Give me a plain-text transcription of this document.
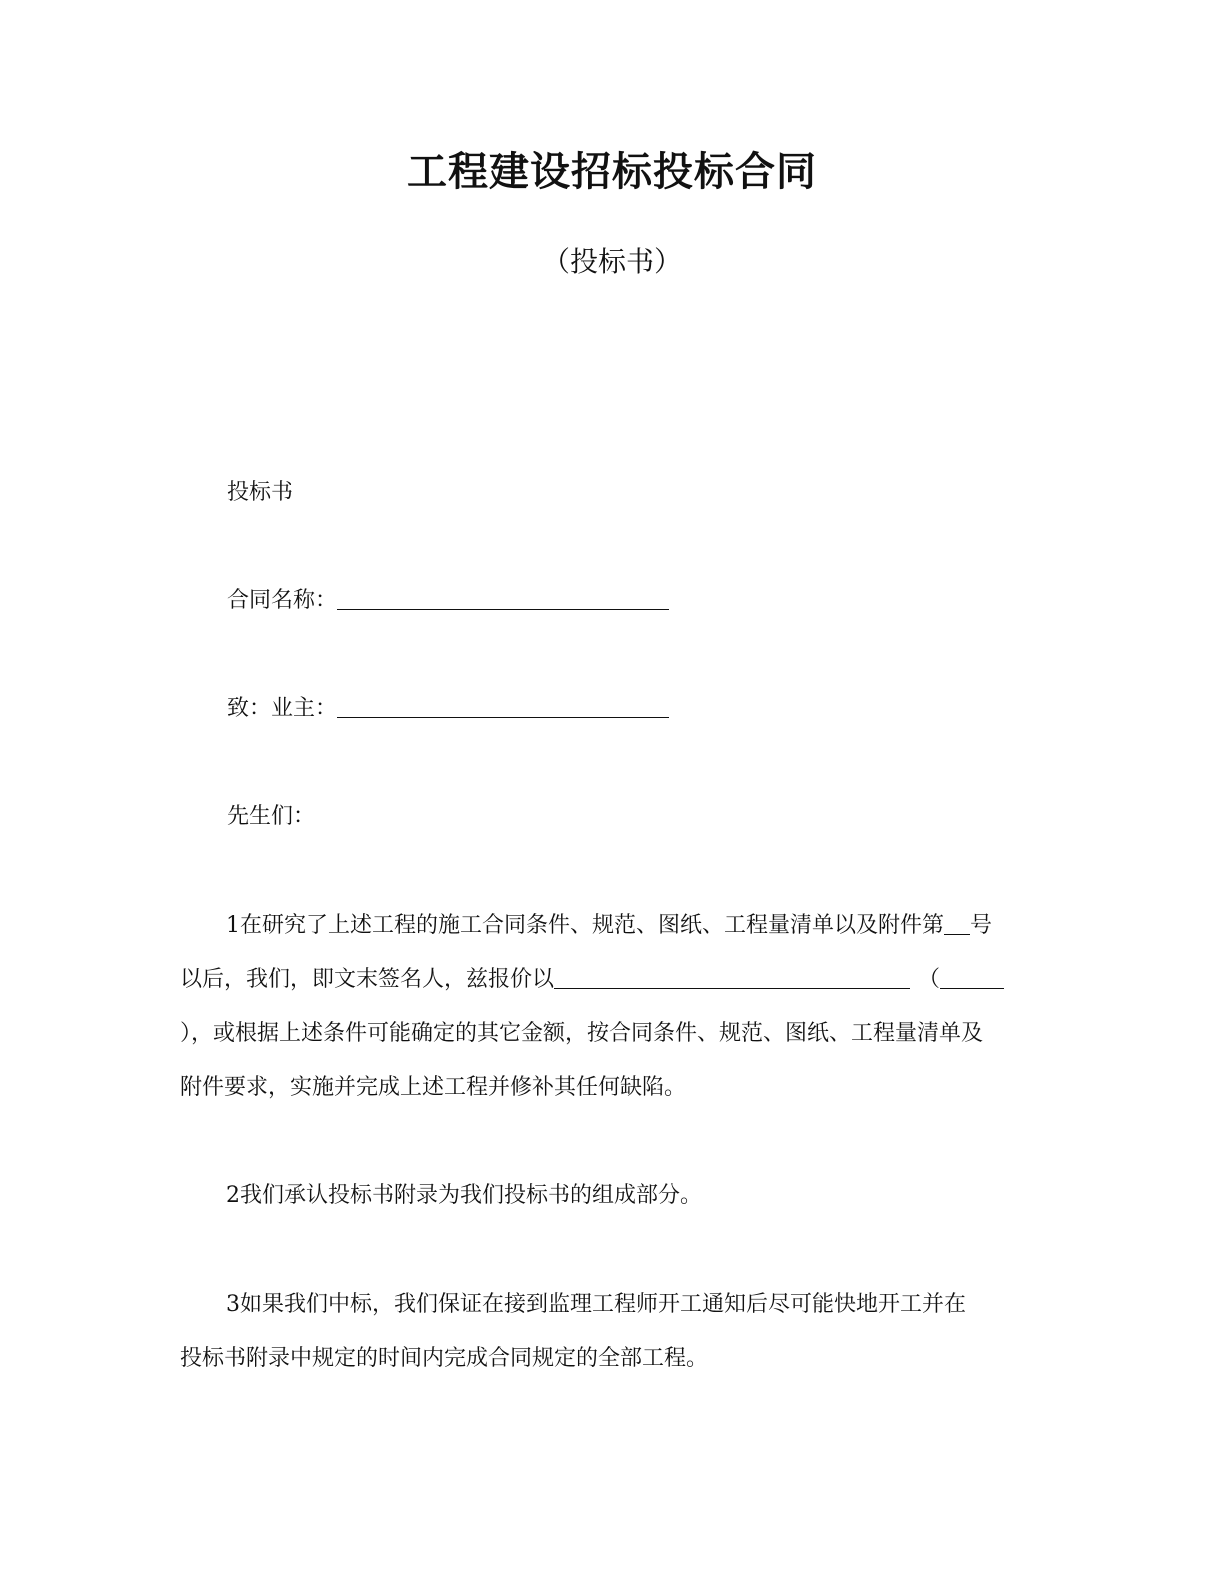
工程建设招标投标合同
（投标书）
投标书
合同名称：
致：业主：
先生们：
1在研究了上述工程的施工合同条件、规范、图纸、工程量清单以及附件第 号
以后，我们，即文末签名人，兹报价以	（
），或根据上述条件可能确定的其它金额，按合同条件、规范、图纸、工程量清单及
附件要求，实施并完成上述工程并修补其任何缺陷。
2我们承认投标书附录为我们投标书的组成部分。
3如果我们中标，我们保证在接到监理工程师开工通知后尽可能快地开工并在
投标书附录中规定的时间内完成合同规定的全部工程。
